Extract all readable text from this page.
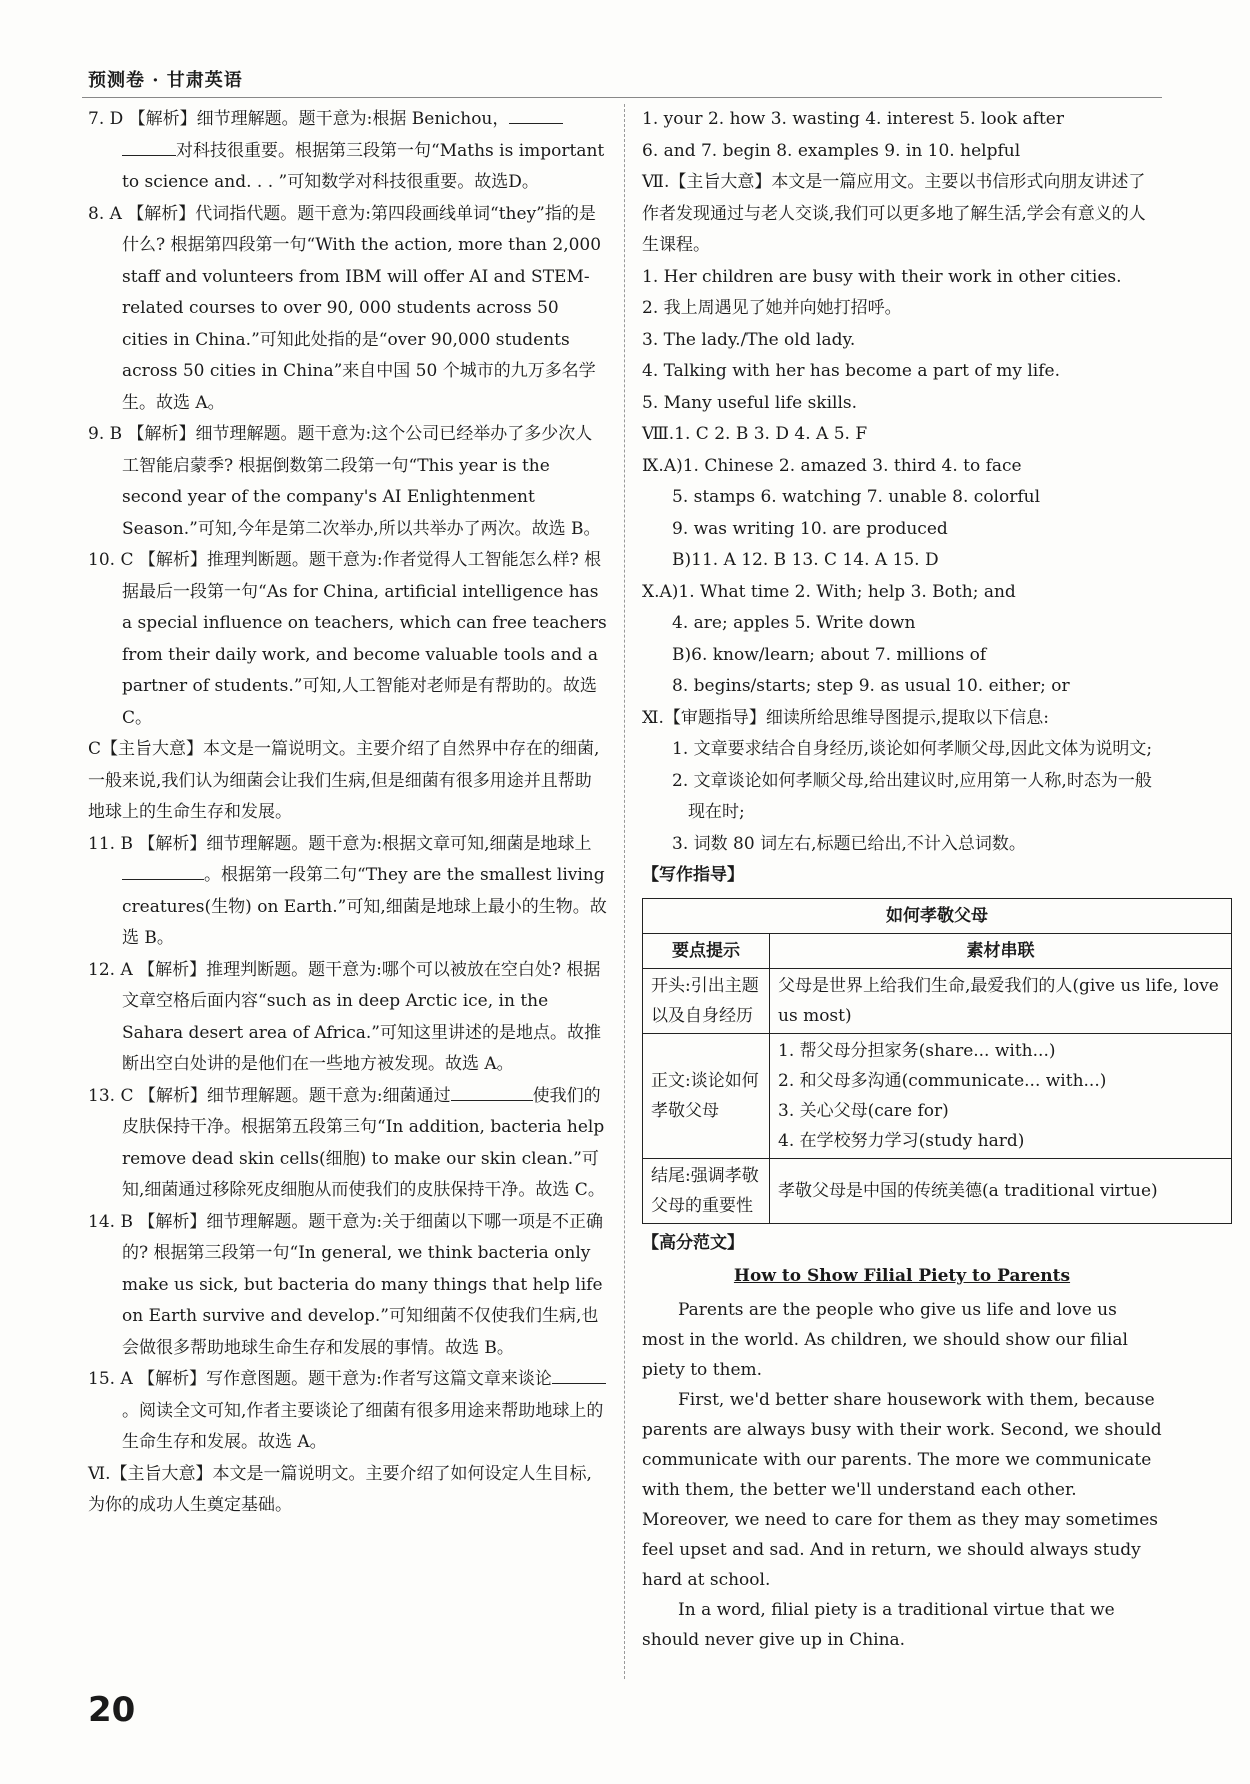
预测卷 · 甘肃英语

7. D 【解析】细节理解题。题干意为:根据 Benichou，
对科技很重要。根据第三段第一句“Maths is important to science and. . . ”可知数学对科技很重要。故选D。

8. A 【解析】代词指代题。题干意为:第四段画线单词“they”指的是什么? 根据第四段第一句“With the action, more than 2,000 staff and volunteers from IBM will offer AI and STEM-related courses to over 90, 000 students across 50 cities in China.”可知此处指的是“over 90,000 students across 50 cities in China”来自中国 50 个城市的九万多名学生。故选 A。

9. B 【解析】细节理解题。题干意为:这个公司已经举办了多少次人工智能启蒙季? 根据倒数第二段第一句“This year is the second year of the company's AI Enlightenment Season.”可知,今年是第二次举办,所以共举办了两次。故选 B。

10. C 【解析】推理判断题。题干意为:作者觉得人工智能怎么样? 根据最后一段第一句“As for China, artificial intelligence has a special influence on teachers, which can free teachers from their daily work, and become valuable tools and a partner of students.”可知,人工智能对老师是有帮助的。故选 C。

C【主旨大意】本文是一篇说明文。主要介绍了自然界中存在的细菌,一般来说,我们认为细菌会让我们生病,但是细菌有很多用途并且帮助地球上的生命生存和发展。

11. B 【解析】细节理解题。题干意为:根据文章可知,细菌是地球上。根据第一段第二句“They are the smallest living creatures(生物) on Earth.”可知,细菌是地球上最小的生物。故选 B。

12. A 【解析】推理判断题。题干意为:哪个可以被放在空白处? 根据文章空格后面内容“such as in deep Arctic ice, in the Sahara desert area of Africa.”可知这里讲述的是地点。故推断出空白处讲的是他们在一些地方被发现。故选 A。

13. C 【解析】细节理解题。题干意为:细菌通过	使我们的皮肤保持干净。根据第五段第三句“In addition, bacteria help remove dead skin cells(细胞) to make our skin clean.”可知,细菌通过移除死皮细胞从而使我们的皮肤保持干净。故选 C。

14. B 【解析】细节理解题。题干意为:关于细菌以下哪一项是不正确的? 根据第三段第一句“In general, we think bacteria only make us sick, but bacteria do many things that help life on Earth survive and develop.”可知细菌不仅使我们生病,也会做很多帮助地球生命生存和发展的事情。故选 B。

15. A 【解析】写作意图题。题干意为:作者写这篇文章来谈论。阅读全文可知,作者主要谈论了细菌有很多用途来帮助地球上的生命生存和发展。故选 A。

Ⅵ.【主旨大意】本文是一篇说明文。主要介绍了如何设定人生目标,为你的成功人生奠定基础。

1. your 2. how 3. wasting 4. interest 5. look after

6. and 7. begin 8. examples 9. in 10. helpful

Ⅶ.【主旨大意】本文是一篇应用文。主要以书信形式向朋友讲述了作者发现通过与老人交谈,我们可以更多地了解生活,学会有意义的人生课程。

1. Her children are busy with their work in other cities.

2. 我上周遇见了她并向她打招呼。

3. The lady./The old lady.

4. Talking with her has become a part of my life.

5. Many useful life skills.

Ⅷ.1. C 2. B 3. D 4. A 5. F

Ⅸ.A)1. Chinese 2. amazed 3. third 4. to face

5. stamps 6. watching 7. unable 8. colorful

9. was writing 10. are produced

B)11. A 12. B 13. C 14. A 15. D

Ⅹ.A)1. What time 2. With; help 3. Both; and

4. are; apples 5. Write down

B)6. know/learn; about 7. millions of

8. begins/starts; step 9. as usual 10. either; or

Ⅺ.【审题指导】细读所给思维导图提示,提取以下信息:

1. 文章要求结合自身经历,谈论如何孝顺父母,因此文体为说明文;

2. 文章谈论如何孝顺父母,给出建议时,应用第一人称,时态为一般现在时;

3. 词数 80 词左右,标题已给出,不计入总词数。

【写作指导】

如何孝敬父母	
要点提示	素材串联
开头:引出主题以及自身经历	父母是世界上给我们生命,最爱我们的人(give us life, love us most)
正文:谈论如何孝敬父母	1. 帮父母分担家务(share... with...)
2. 和父母多沟通(communicate... with...)
3. 关心父母(care for)
4. 在学校努力学习(study hard)

结尾:强调孝敬父母的重要性	孝敬父母是中国的传统美德(a traditional virtue)

【高分范文】

How to Show Filial Piety to Parents

Parents are the people who give us life and love us most in the world. As children, we should show our filial piety to them.

First, we'd better share housework with them, because parents are always busy with their work. Second, we should communicate with our parents. The more we communicate with them, the better we'll understand each other. Moreover, we need to care for them as they may sometimes feel upset and sad. And in return, we should always study hard at school.

In a word, filial piety is a traditional virtue that we should never give up in China.

20
